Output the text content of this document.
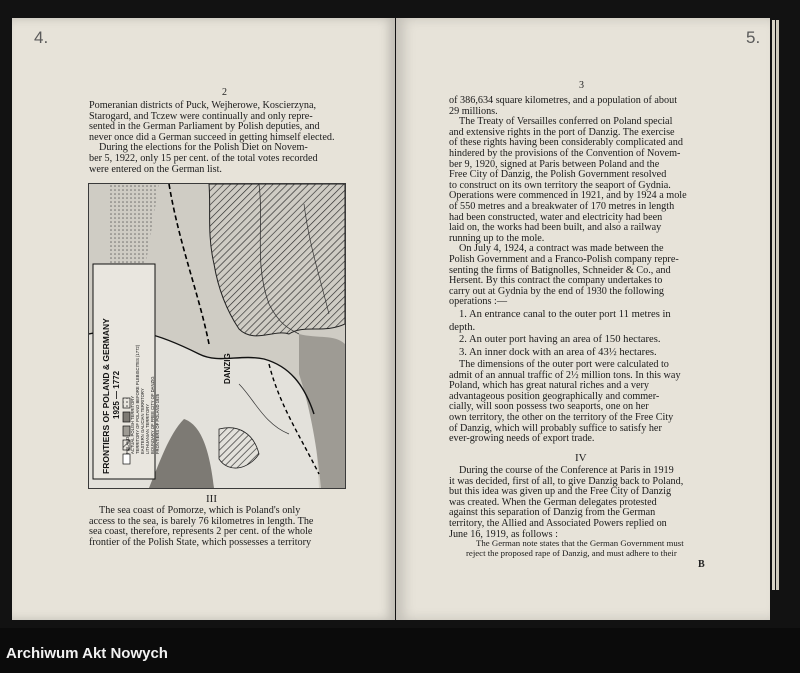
4.
2
Pomeranian districts of Puck, Wejherowe, Koscierzyna,
Starogard, and Tczew were continually and only repre-
sented in the German Parliament by Polish deputies, and
never once did a German succeed in getting himself elected.
During the elections for the Polish Diet on Novem-
ber 5, 1922, only 15 per cent. of the total votes recorded
were entered on the German list.
FRONTIERS OF POLAND & GERMANY 1925 — 1772
ACTUAL POLISH TERRITORY TERRITORY OF POLAND BEFORE PLEBISCITES (1772) EASTERN GALICIAN TERRITORY LITHUANIAN TERRITORY BOUNDARY OF FREE CITY OF DANZIG FRONTIERS OF POLAND 1925
DANZIG
III
The sea coast of Pomorze, which is Poland's only
access to the sea, is barely 76 kilometres in length. The
sea coast, therefore, represents 2 per cent. of the whole
frontier of the Polish State, which possesses a territory
5.
3
of 386,634 square kilometres, and a population of about
29 millions.
The Treaty of Versailles conferred on Poland special
and extensive rights in the port of Danzig. The exercise
of these rights having been considerably complicated and
hindered by the provisions of the Convention of Novem-
ber 9, 1920, signed at Paris between Poland and the
Free City of Danzig, the Polish Government resolved
to construct on its own territory the seaport of Gydnia.
Operations were commenced in 1921, and by 1924 a mole
of 550 metres and a breakwater of 170 metres in length
had been constructed, water and electricity had been
laid on, the works had been built, and also a railway
running up to the mole.
On July 4, 1924, a contract was made between the
Polish Government and a Franco-Polish company repre-
senting the firms of Batignolles, Schneider & Co., and
Hersent. By this contract the company undertakes to
carry out at Gydnia by the end of 1930 the following
operations :—
1. An entrance canal to the outer port 11 metres in
depth.
2. An outer port having an area of 150 hectares.
3. An inner dock with an area of 43½ hectares.
The dimensions of the outer port were calculated to
admit of an annual traffic of 2½ million tons. In this way
Poland, which has great natural riches and a very
advantageous position geographically and commer-
cially, will soon possess two seaports, one on her
own territory, the other on the territory of the Free City
of Danzig, which will probably suffice to satisfy her
ever-growing needs of export trade.
IV
During the course of the Conference at Paris in 1919
it was decided, first of all, to give Danzig back to Poland,
but this idea was given up and the Free City of Danzig
was created. When the German delegates protested
against this separation of Danzig from the German
territory, the Allied and Associated Powers replied on
June 16, 1919, as follows :
The German note states that the German Government must
reject the proposed rape of Danzig, and must adhere to their
B
Archiwum Akt Nowych
